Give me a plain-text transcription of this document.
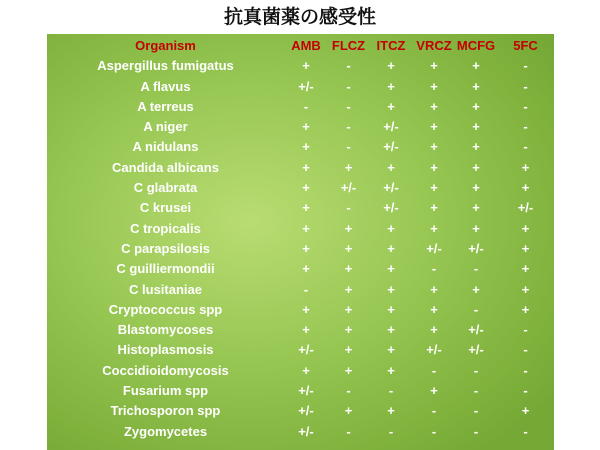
抗真菌薬の感受性
Organism	AMB	FLCZ	ITCZ	VRCZ	MCFG	5FC
Aspergillus fumigatus	+	-	+	+	+	-
A flavus	+/-	-	+	+	+	-
A terreus	-	-	+	+	+	-
A niger	+	-	+/-	+	+	-
A nidulans	+	-	+/-	+	+	-
Candida albicans	+	+	+	+	+	+
C glabrata	+	+/-	+/-	+	+	+
C krusei	+	-	+/-	+	+	+/-
C tropicalis	+	+	+	+	+	+
C parapsilosis	+	+	+	+/-	+/-	+
C guilliermondii	+	+	+	-	-	+
C lusitaniae	-	+	+	+	+	+
Cryptococcus spp	+	+	+	+	-	+
Blastomycoses	+	+	+	+	+/-	-
Histoplasmosis	+/-	+	+	+/-	+/-	-
Coccidioidomycosis	+	+	+	-	-	-
Fusarium spp	+/-	-	-	+	-	-
Trichosporon spp	+/-	+	+	-	-	+
Zygomycetes	+/-	-	-	-	-	-
